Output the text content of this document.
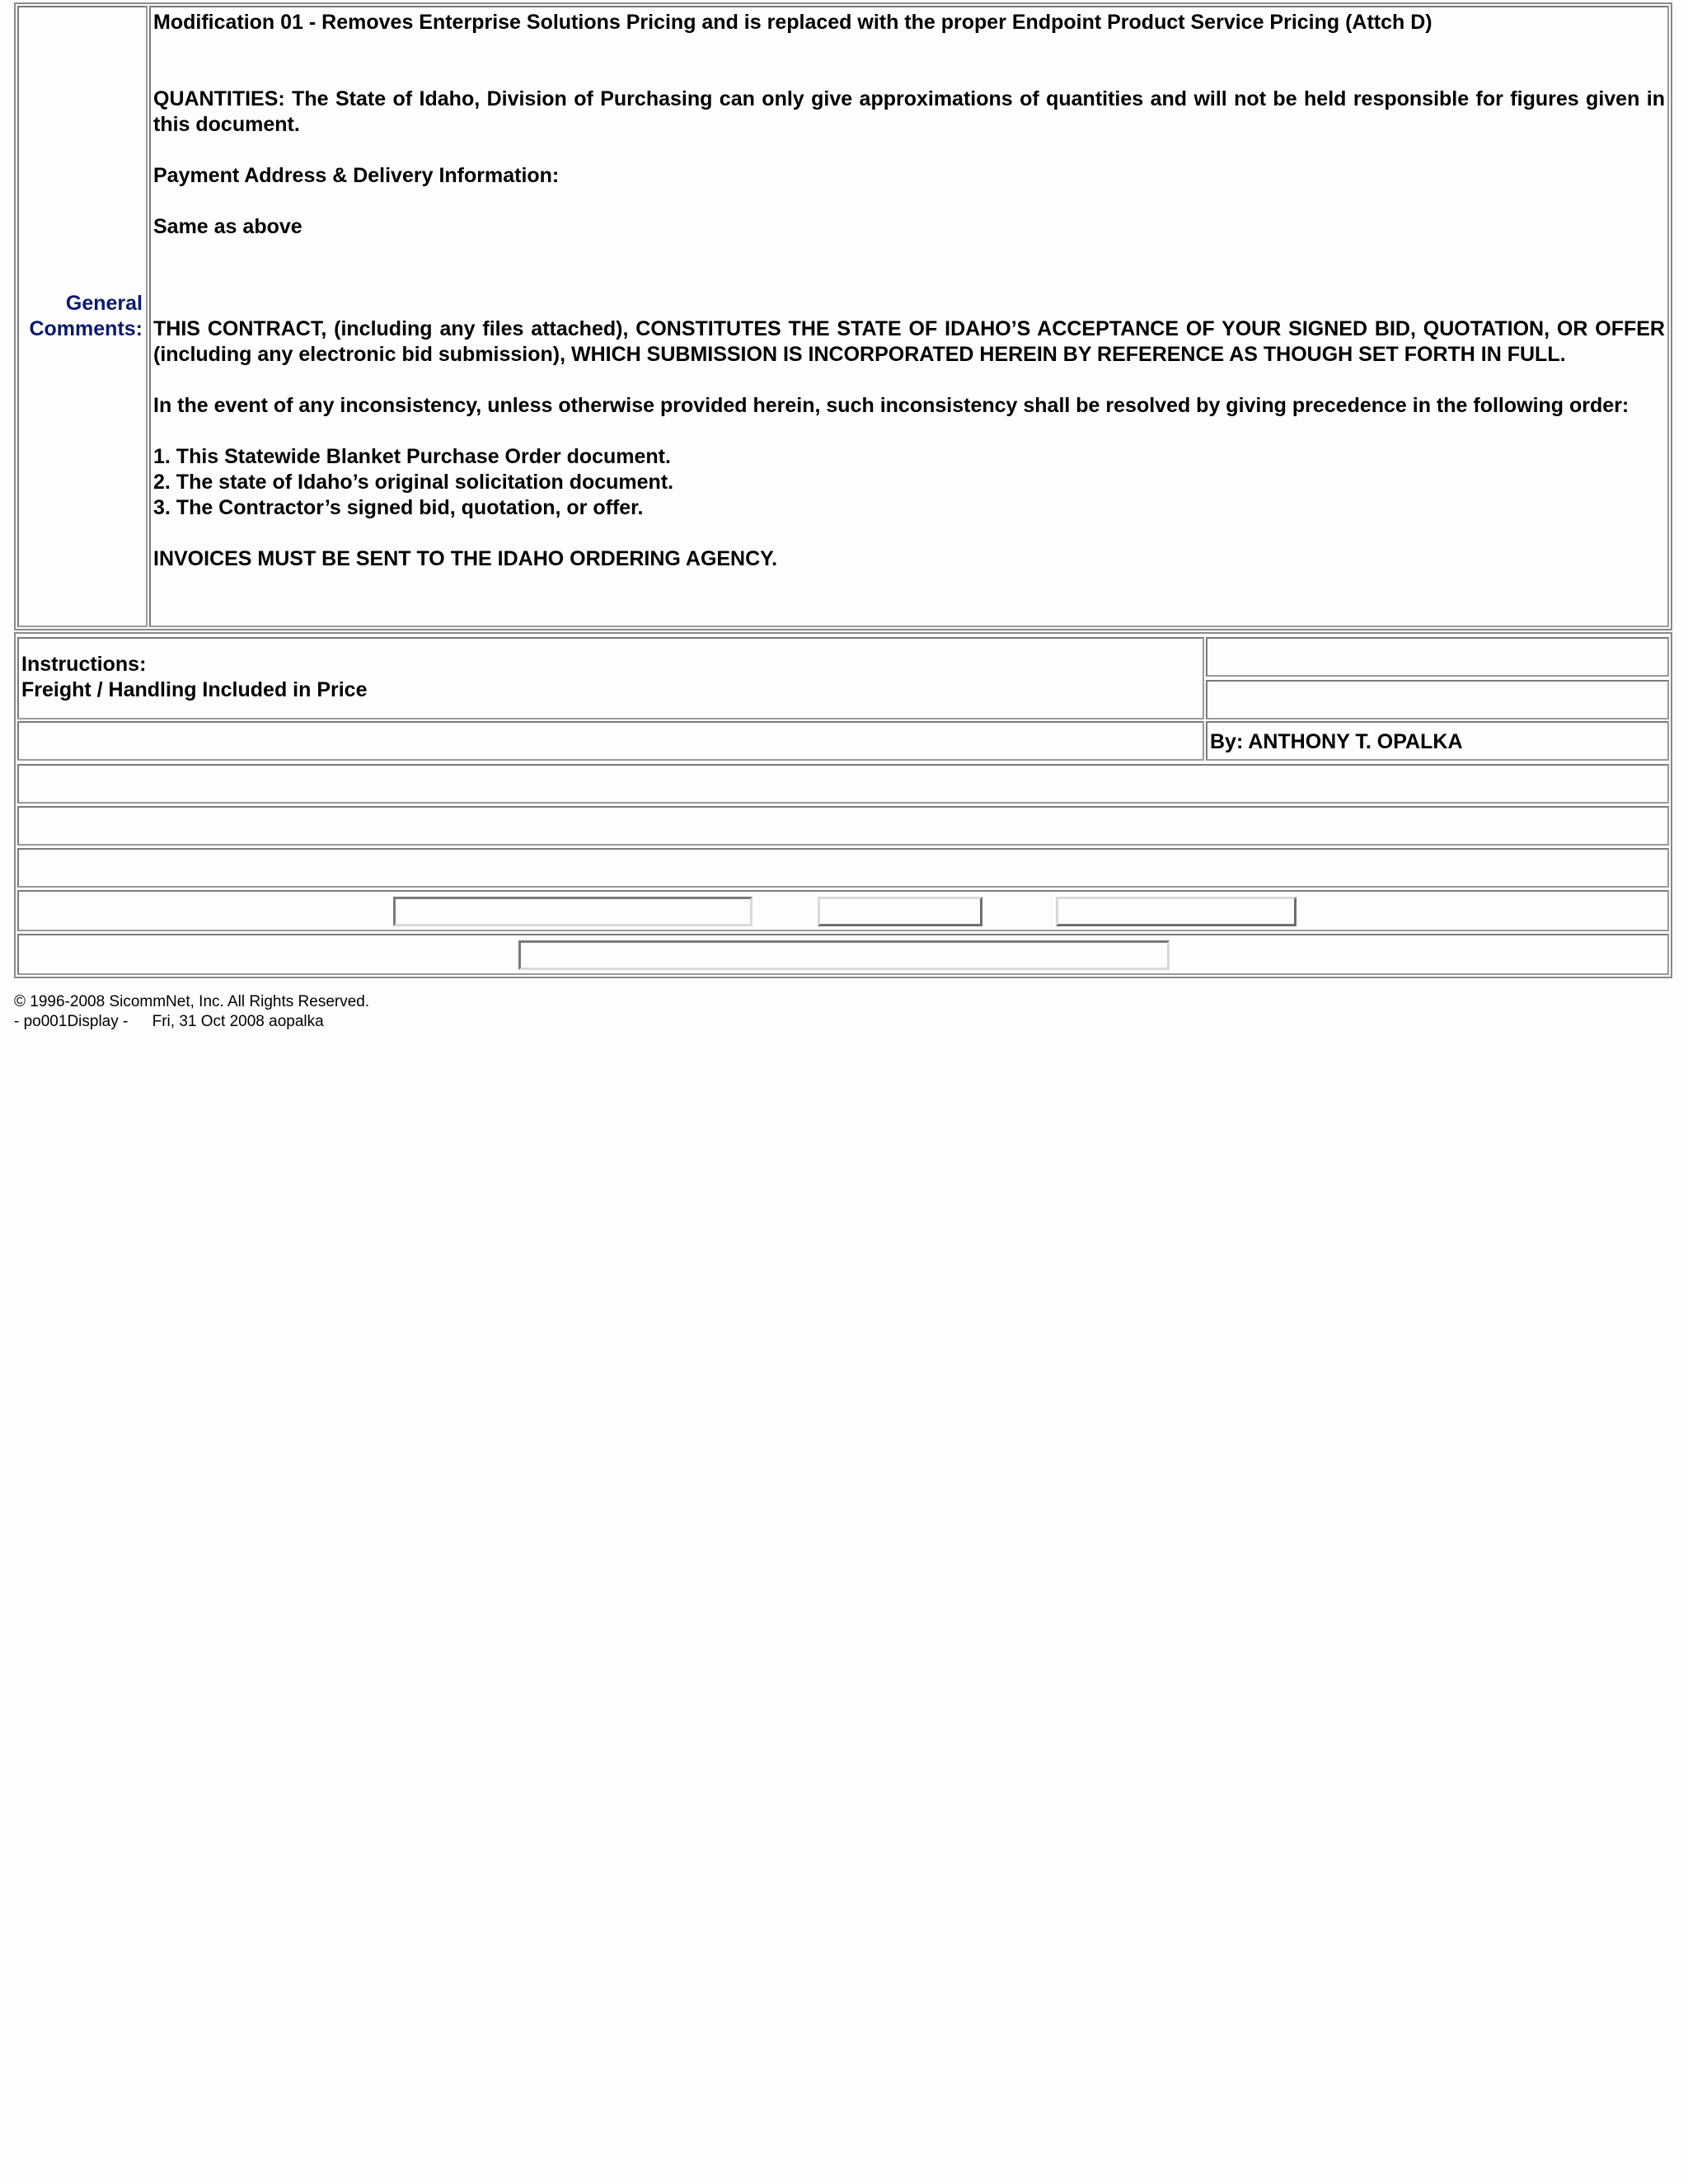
General
Comments:

Modification 01 - Removes Enterprise Solutions Pricing and is replaced with the proper Endpoint Product Service Pricing (Attch D)

QUANTITIES: The State of Idaho, Division of Purchasing can only give approximations of quantities and will not be held responsible for figures given in this document.

Payment Address & Delivery Information:

Same as above

THIS CONTRACT, (including any files attached), CONSTITUTES THE STATE OF IDAHO’S ACCEPTANCE OF YOUR SIGNED BID, QUOTATION, OR OFFER (including any electronic bid submission), WHICH SUBMISSION IS INCORPORATED HEREIN BY REFERENCE AS THOUGH SET FORTH IN FULL.

In the event of any inconsistency, unless otherwise provided herein, such inconsistency shall be resolved by giving precedence in the following order:

1. This Statewide Blanket Purchase Order document.

2. The state of Idaho’s original solicitation document.

3. The Contractor’s signed bid, quotation, or offer.

INVOICES MUST BE SENT TO THE IDAHO ORDERING AGENCY.

Instructions:
Freight / Handling Included in Price
By: ANTHONY T. OPALKA
© 1996-2008 SicommNet, Inc. All Rights Reserved.
- po001Display - Fri, 31 Oct 2008 aopalka
